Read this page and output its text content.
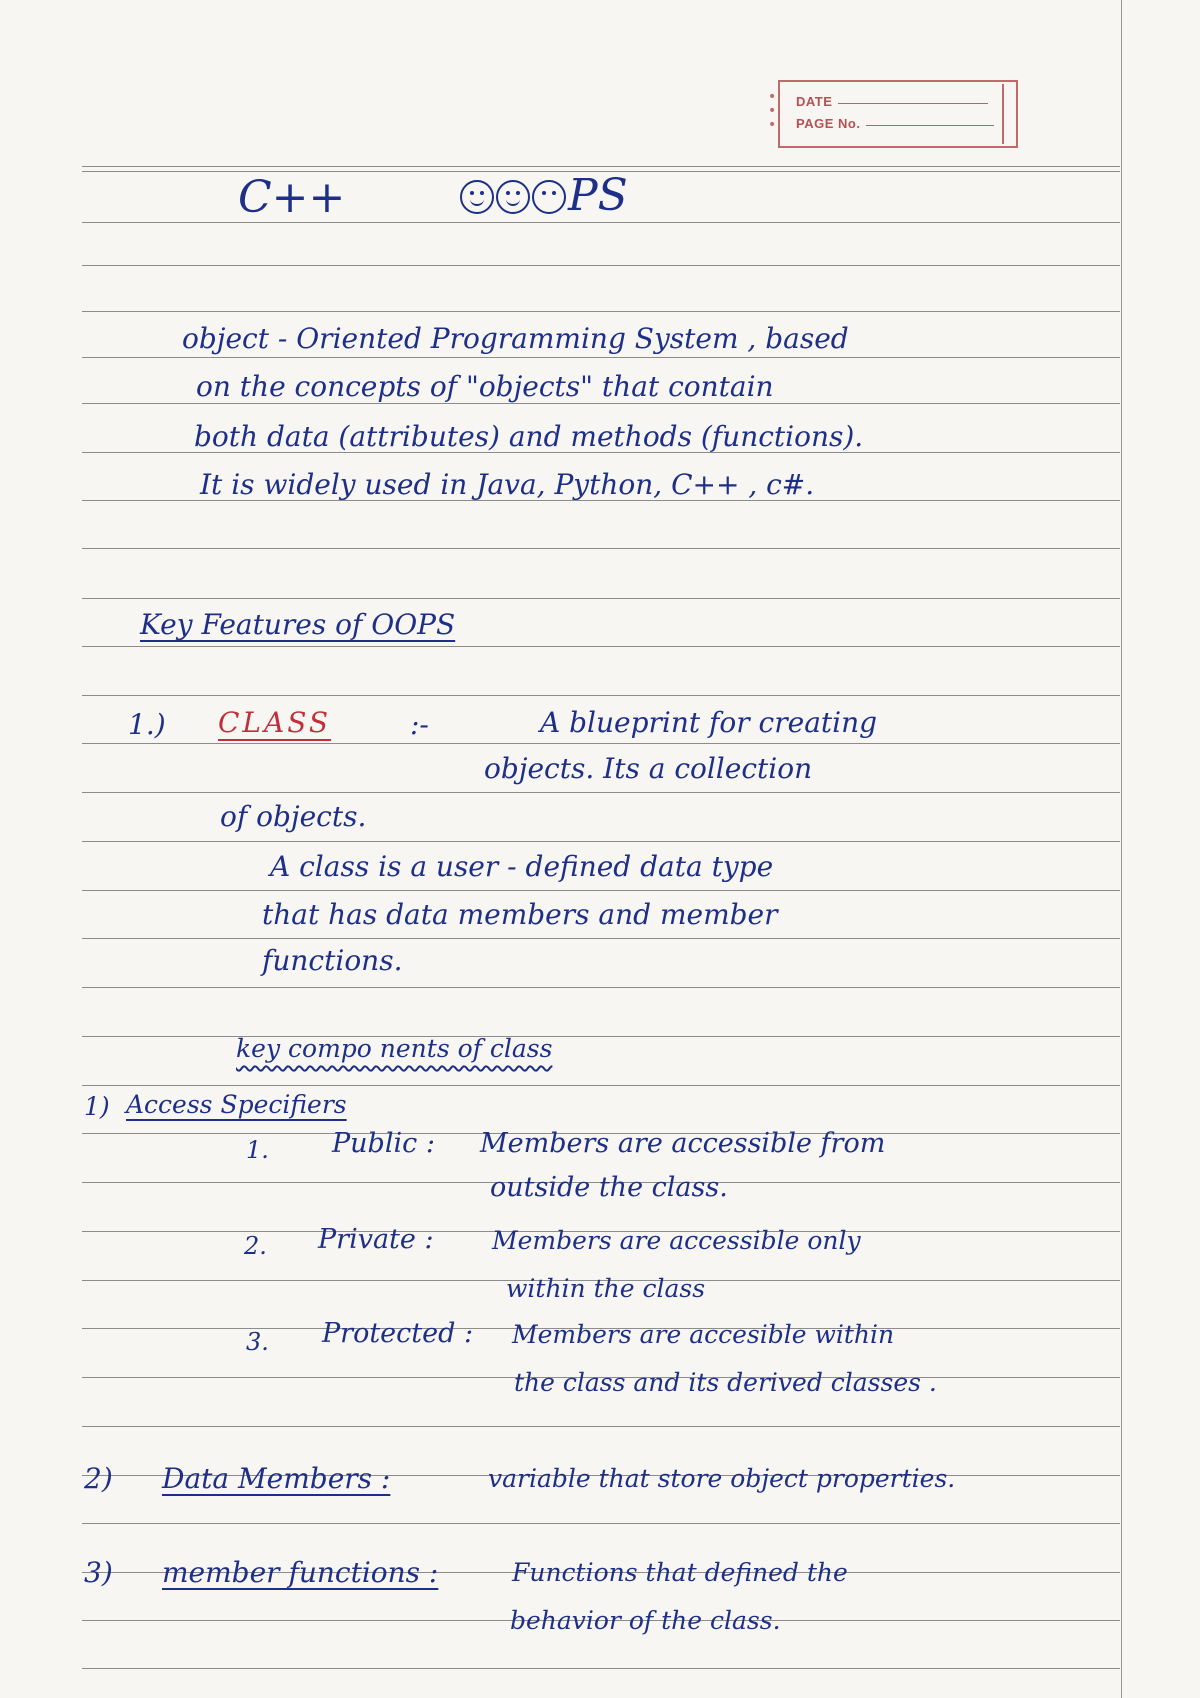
•
•
•
DATE
PAGE No.
C++	PS
object - Oriented Programming System , based
on the concepts of "objects" that contain
both data (attributes) and methods (functions).
It is widely used in Java, Python, C++ , c#.
Key Features of OOPS
1.) CLASS	:-	A blueprint for creating
objects. Its a collection
of objects.
A class is a user - defined data type
that has data members and member
functions.
key compo nents of class
1) Access Specifiers
1. Public : Members are accessible from
outside the class.
2. Private : Members are accessible only
within the class
3. Protected : Members are accesible within
the class and its derived classes .
2) Data Members :	variable that store object properties.
3) member functions :	Functions that defined the
behavior of the class.
